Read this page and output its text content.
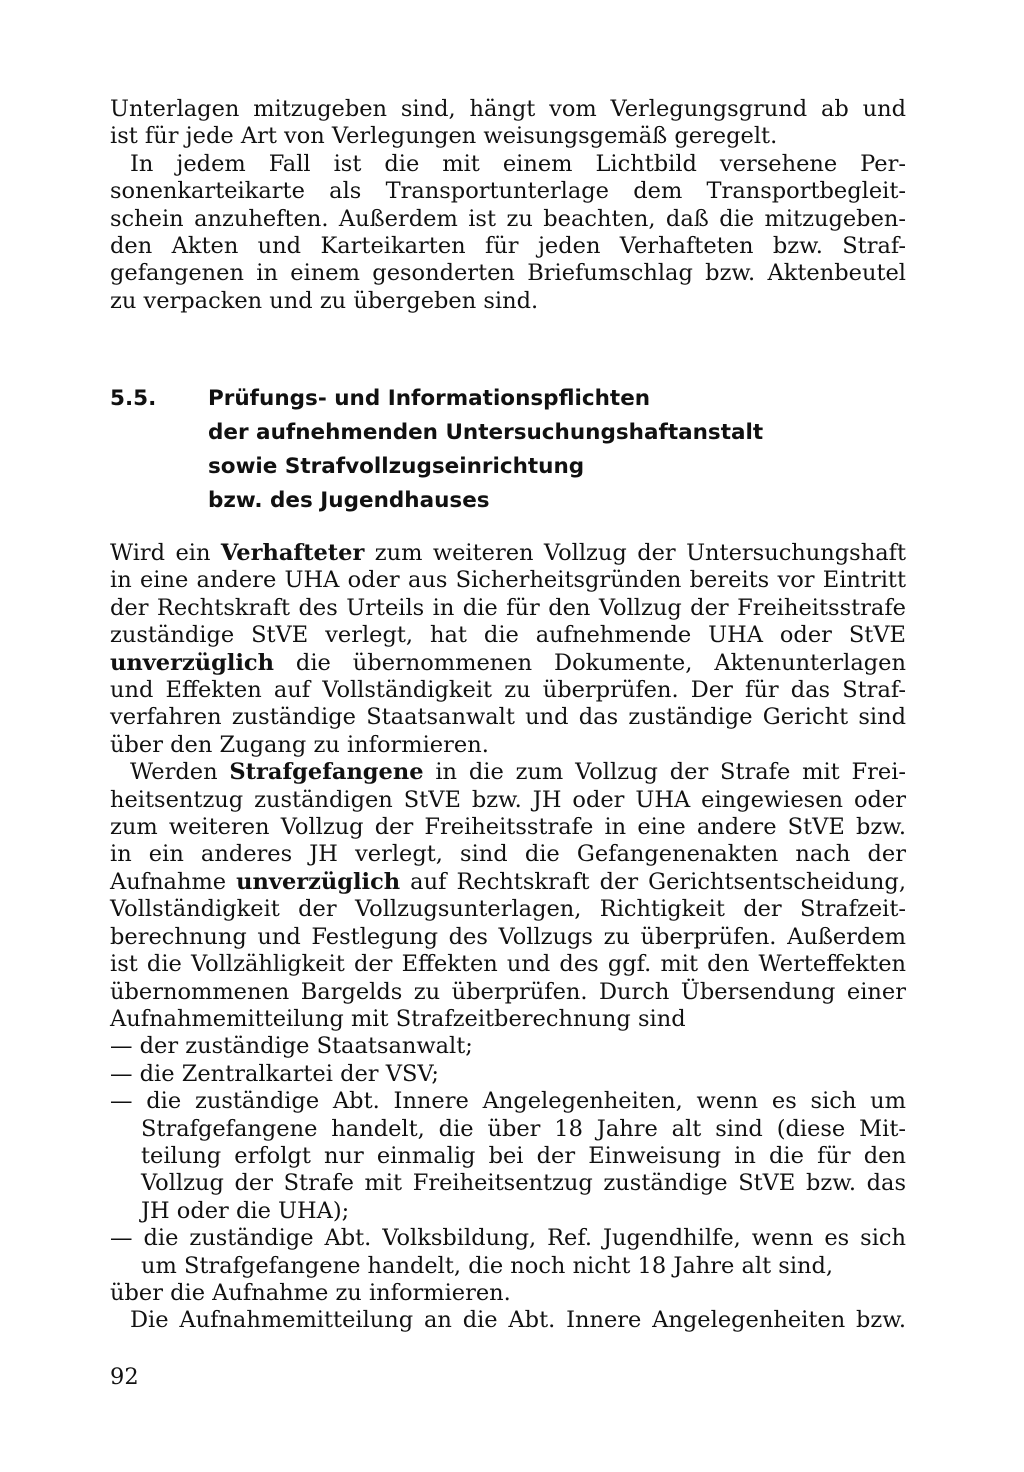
Unterlagen mitzugeben sind, hängt vom Verlegungsgrund ab und
ist für jede Art von Verlegungen weisungsgemäß geregelt.
In jedem Fall ist die mit einem Lichtbild versehene Per-
sonenkarteikarte als Transportunterlage dem Transportbegleit-
schein anzuheften. Außerdem ist zu beachten, daß die mitzugeben-
den Akten und Karteikarten für jeden Verhafteten bzw. Straf-
gefangenen in einem gesonderten Briefumschlag bzw. Aktenbeutel
zu verpacken und zu übergeben sind.
5.5. Prüfungs- und Informationspflichten
der aufnehmenden Untersuchungshaftanstalt
sowie Strafvollzugseinrichtung
bzw. des Jugendhauses
Wird ein Verhafteter zum weiteren Vollzug der Untersuchungshaft
in eine andere UHA oder aus Sicherheitsgründen bereits vor Eintritt
der Rechtskraft des Urteils in die für den Vollzug der Freiheitsstrafe
zuständige StVE verlegt, hat die aufnehmende UHA oder StVE
unverzüglich die übernommenen Dokumente, Aktenunterlagen
und Effekten auf Vollständigkeit zu überprüfen. Der für das Straf-
verfahren zuständige Staatsanwalt und das zuständige Gericht sind
über den Zugang zu informieren.
Werden Strafgefangene in die zum Vollzug der Strafe mit Frei-
heitsentzug zuständigen StVE bzw. JH oder UHA eingewiesen oder
zum weiteren Vollzug der Freiheitsstrafe in eine andere StVE bzw.
in ein anderes JH verlegt, sind die Gefangenenakten nach der
Aufnahme unverzüglich auf Rechtskraft der Gerichtsentscheidung,
Vollständigkeit der Vollzugsunterlagen, Richtigkeit der Strafzeit-
berechnung und Festlegung des Vollzugs zu überprüfen. Außerdem
ist die Vollzähligkeit der Effekten und des ggf. mit den Werteffekten
übernommenen Bargelds zu überprüfen. Durch Übersendung einer
Aufnahmemitteilung mit Strafzeitberechnung sind
— der zuständige Staatsanwalt;
— die Zentralkartei der VSV;
— die zuständige Abt. Innere Angelegenheiten, wenn es sich um
Strafgefangene handelt, die über 18 Jahre alt sind (diese Mit-
teilung erfolgt nur einmalig bei der Einweisung in die für den
Vollzug der Strafe mit Freiheitsentzug zuständige StVE bzw. das
JH oder die UHA);
— die zuständige Abt. Volksbildung, Ref. Jugendhilfe, wenn es sich
um Strafgefangene handelt, die noch nicht 18 Jahre alt sind,
über die Aufnahme zu informieren.
Die Aufnahmemitteilung an die Abt. Innere Angelegenheiten bzw.
92
